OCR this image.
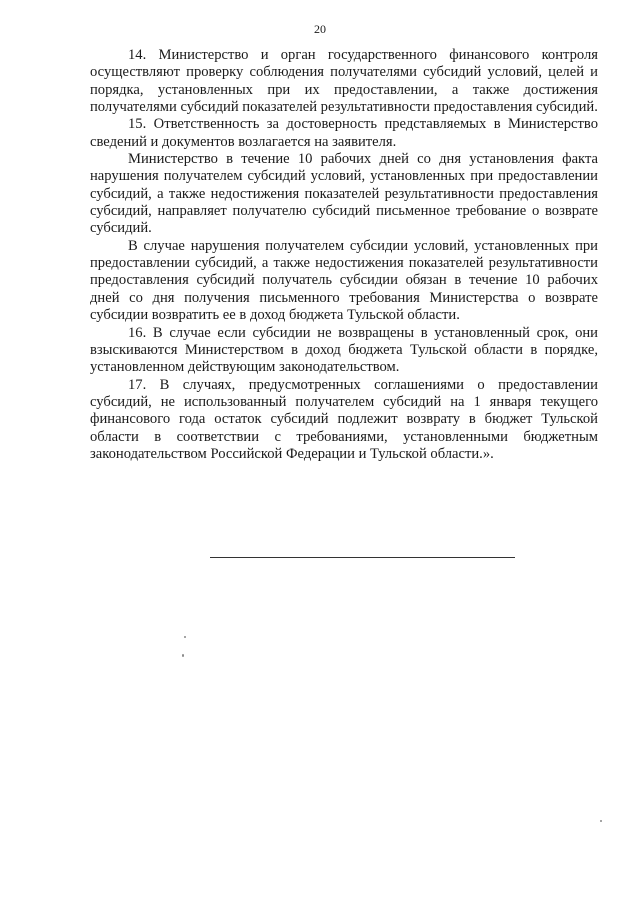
20

14. Министерство и орган государственного финансового контроля осуществляют проверку соблюдения получателями субсидий условий, целей и порядка, установленных при их предоставлении, а также достижения получателями субсидий показателей результативности предоставления субсидий.

15. Ответственность за достоверность представляемых в Министерство сведений и документов возлагается на заявителя.

Министерство в течение 10 рабочих дней со дня установления факта нарушения получателем субсидий условий, установленных при предоставлении субсидий, а также недостижения показателей результативности предоставления субсидий, направляет получателю субсидий письменное требование о возврате субсидий.

В случае нарушения получателем субсидии условий, установленных при предоставлении субсидий, а также недостижения показателей результативности предоставления субсидий получатель субсидии обязан в течение 10 рабочих дней со дня получения письменного требования Министерства о возврате субсидии возвратить ее в доход бюджета Тульской области.

16. В случае если субсидии не возвращены в установленный срок, они взыскиваются Министерством в доход бюджета Тульской области в порядке, установленном действующим законодательством.

17. В случаях, предусмотренных соглашениями о предоставлении субсидий, не использованный получателем субсидий на 1 января текущего финансового года остаток субсидий подлежит возврату в бюджет Тульской области в соответствии с требованиями, установленными бюджетным законодательством Российской Федерации и Тульской области.».
